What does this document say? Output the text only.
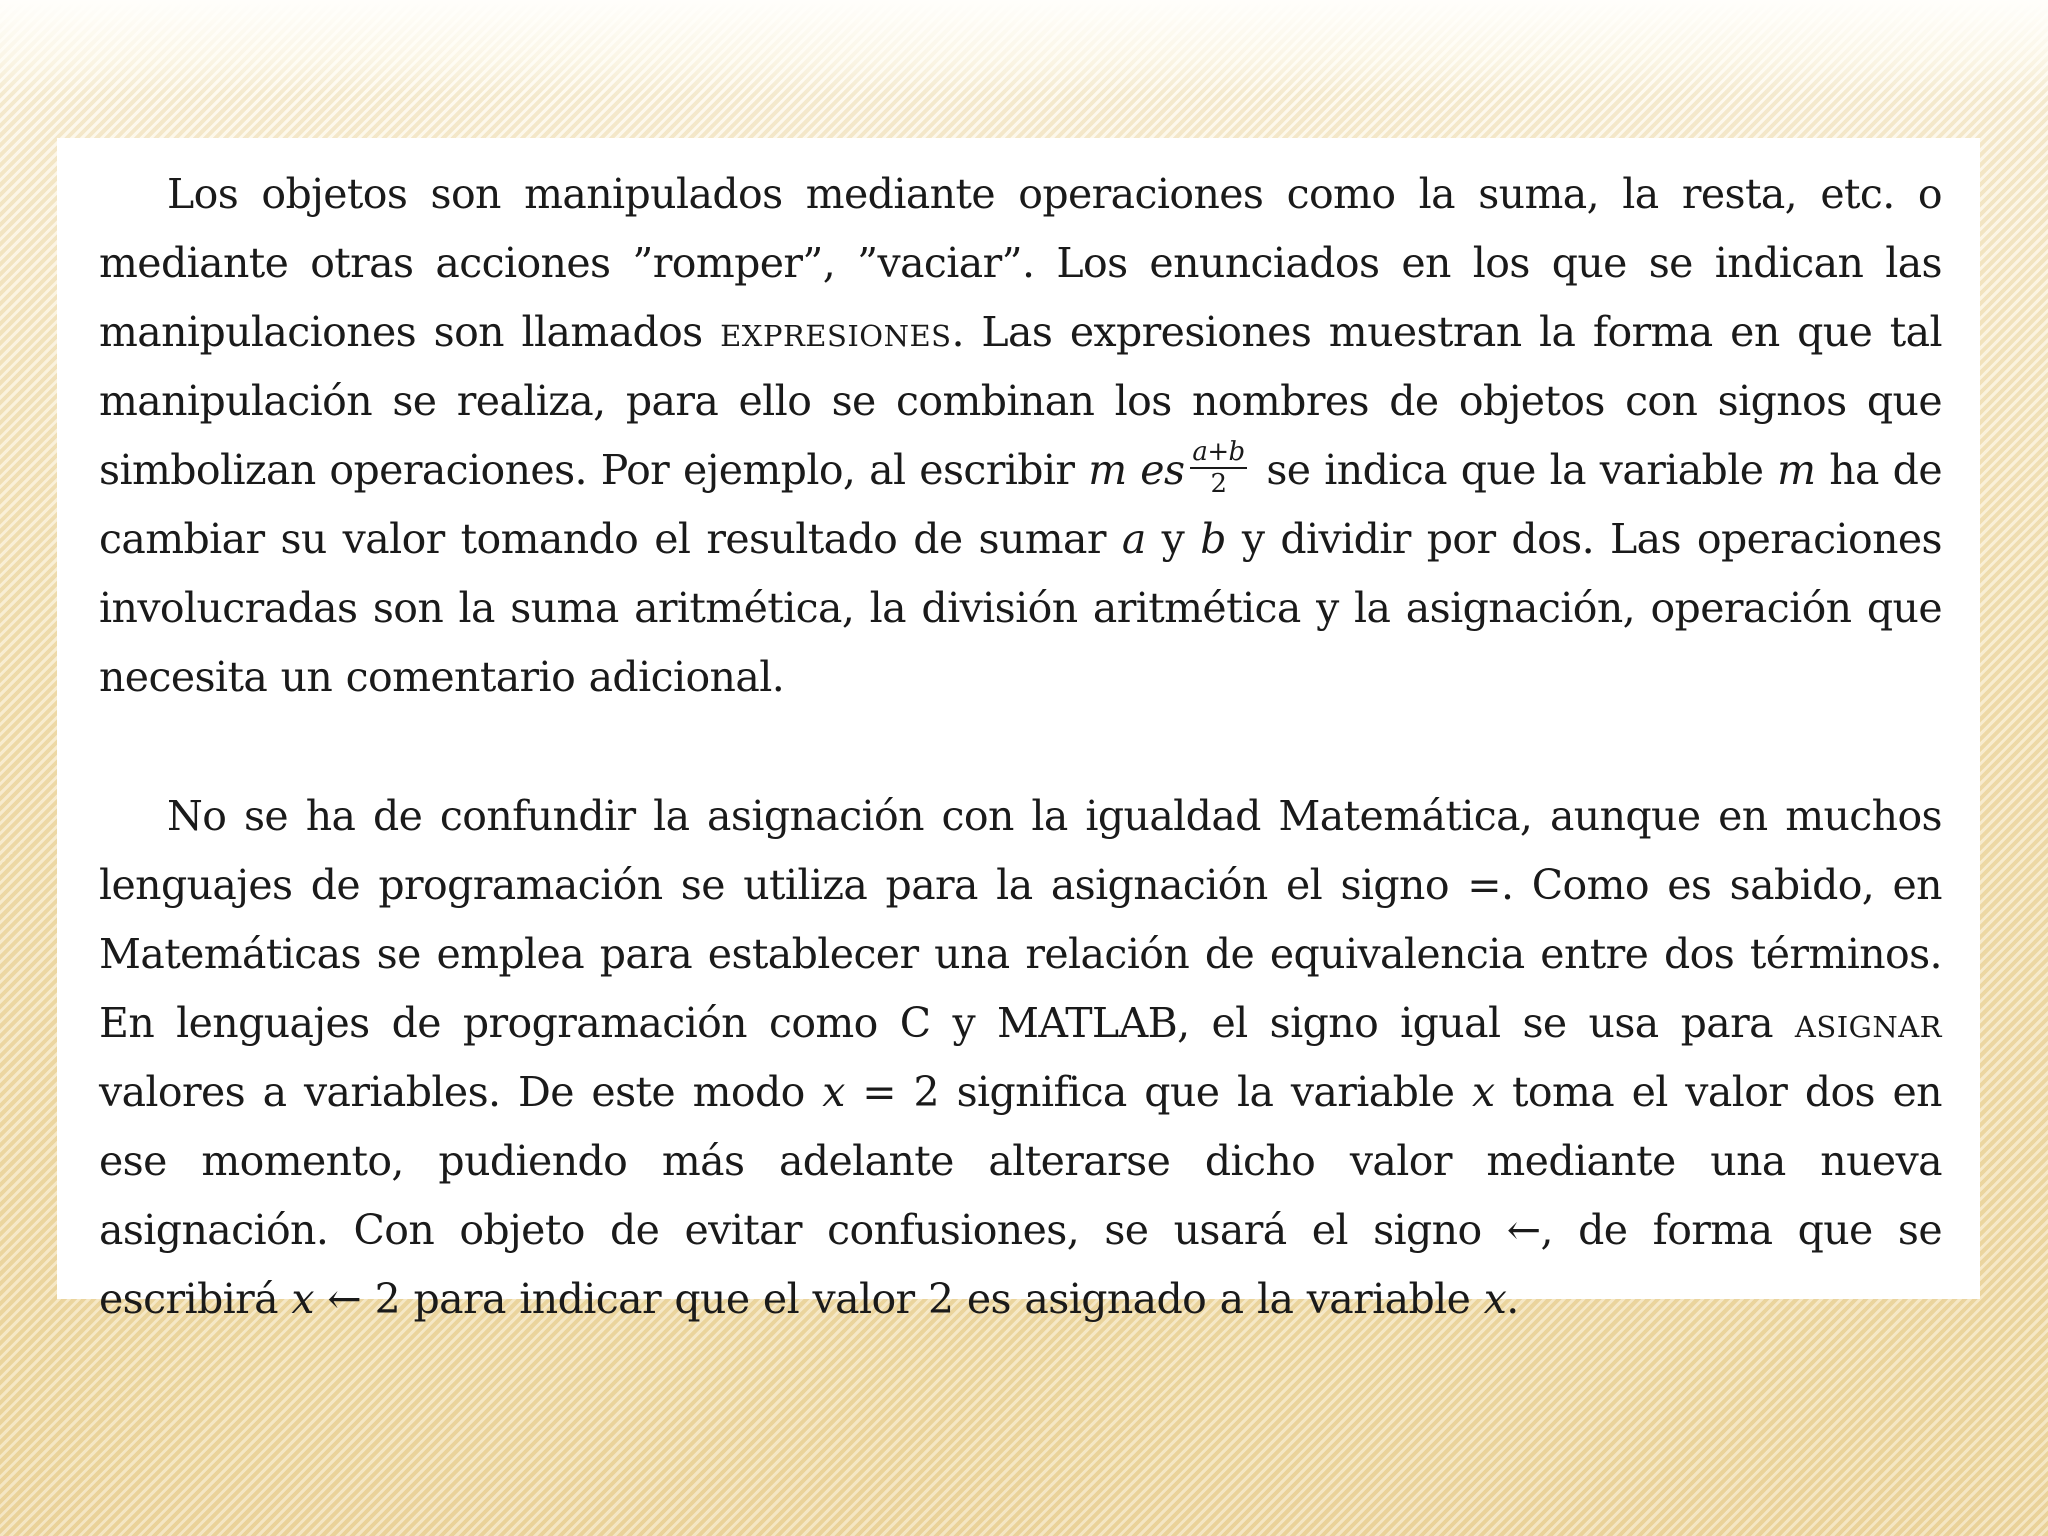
Los objetos son manipulados mediante operaciones como la suma, la resta, etc. o mediante otras acciones ”romper”, ”vaciar”. Los enunciados en los que se indican las manipulaciones son llamados expresiones. Las expresiones muestran la forma en que tal manipulación se realiza, para ello se combinan los nombres de objetos con signos que simbolizan operaciones. Por ejemplo, al escribir m es $\frac{a+b}{2}$ se indica que la variable m ha de cambiar su valor tomando el resultado de sumar a y b y dividir por dos. Las operaciones involucradas son la suma aritmética, la división aritmética y la asignación, operación que necesita un comentario adicional.

No se ha de confundir la asignación con la igualdad Matemática, aunque en muchos lenguajes de programación se utiliza para la asignación el signo =. Como es sabido, en Matemáticas se emplea para establecer una relación de equivalencia entre dos términos. En lenguajes de programación como C y MATLAB, el signo igual se usa para asignar valores a variables. De este modo x = 2 significa que la variable x toma el valor dos en ese momento, pudiendo más adelante alterarse dicho valor mediante una nueva asignación. Con objeto de evitar confusiones, se usará el signo ←, de forma que se escribirá x ← 2 para indicar que el valor 2 es asignado a la variable x.
